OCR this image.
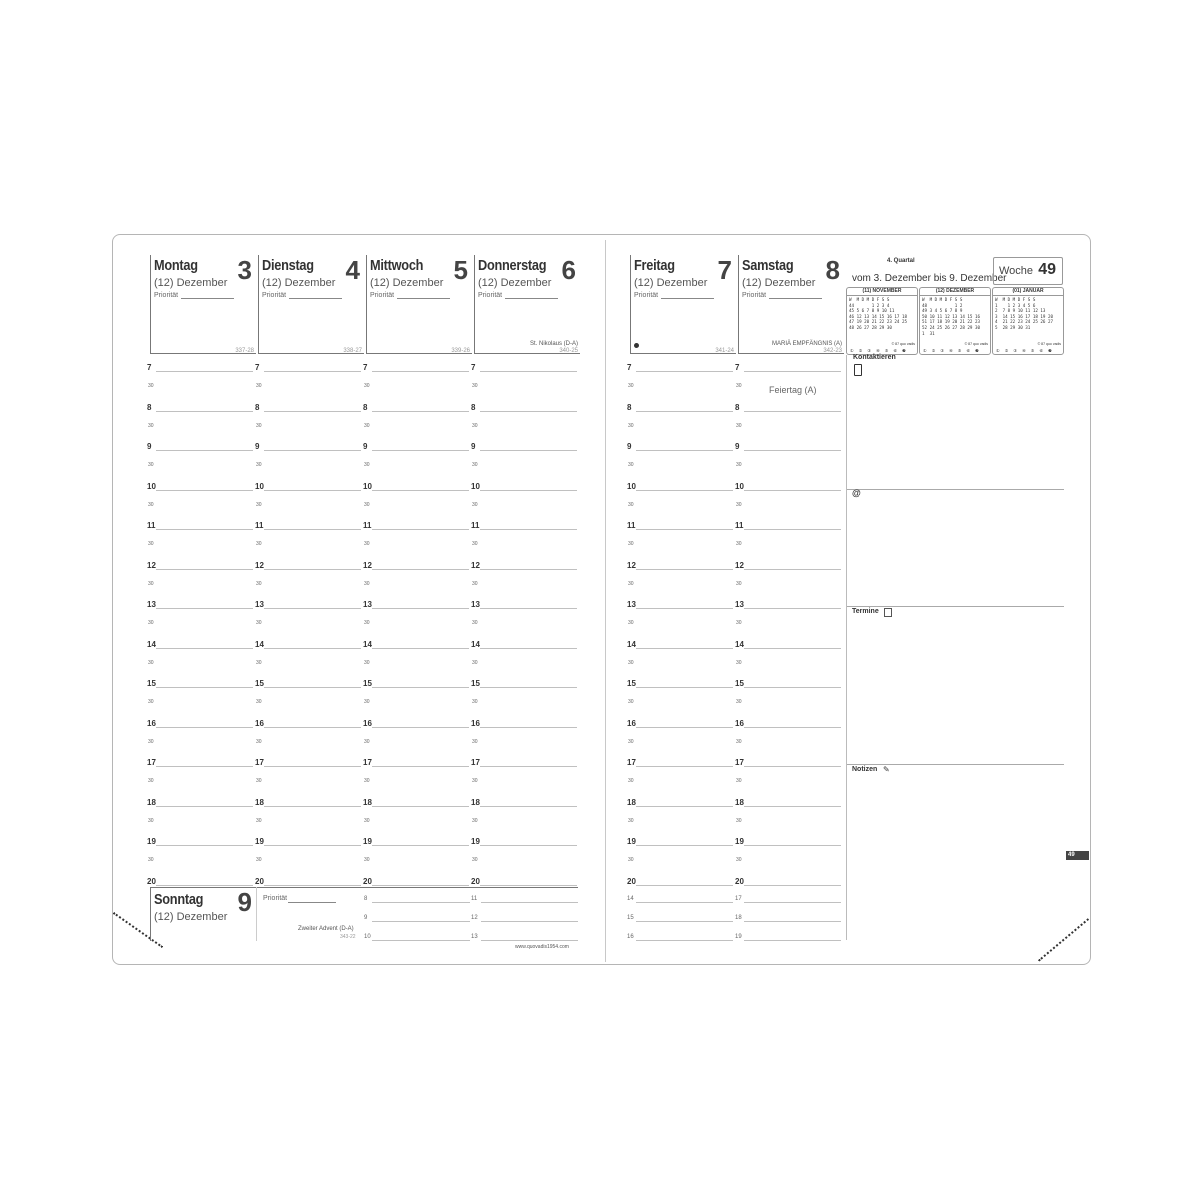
4. Quartal
vom 3. Dezember bis 9. Dezember
Woche 49
(11) NOVEMBER
W  M D M D F S S
44       1 2 3 4
45 5 6 7 8 9 10 11
46 12 13 14 15 16 17 18
47 19 20 21 22 23 24 25
48 26 27 28 29 30
© 87 quo vadis
① ② ③ ④ ⑤ ⑥ ❼
(12) DEZEMBER
W  M D M D F S S
48           1 2
49 3 4 5 6 7 8 9
50 10 11 12 13 14 15 16
51 17 18 19 20 21 22 23
52 24 25 26 27 28 29 30
1  31
© 87 quo vadis
① ② ③ ④ ⑤ ⑥ ❼
(01) JANUAR
W  M D M D F S S
1    1 2 3 4 5 6
2  7 8 9 10 11 12 13
3  14 15 16 17 18 19 20
4  21 22 23 24 25 26 27
5  28 29 30 31
© 87 quo vadis
① ② ③ ④ ⑤ ⑥ ❼
Kontaktieren
@
Termine
Notizen ✎
49
www.quovadis1954.com
Montag 3
(12) Dezember
Priorität
337-28
7
30
8
30
9
30
10
30
11
30
12
30
13
30
14
30
15
30
16
30
17
30
18
30
19
30
20
Dienstag 4
(12) Dezember
Priorität
338-27
7
30
8
30
9
30
10
30
11
30
12
30
13
30
14
30
15
30
16
30
17
30
18
30
19
30
20
Mittwoch 5
(12) Dezember
Priorität
339-26
7
30
8
30
9
30
10
30
11
30
12
30
13
30
14
30
15
30
16
30
17
30
18
30
19
30
20
Donnerstag 6
(12) Dezember
Priorität
340-25
St. Nikolaus (D-A)
7
30
8
30
9
30
10
30
11
30
12
30
13
30
14
30
15
30
16
30
17
30
18
30
19
30
20
Freitag 7
(12) Dezember
Priorität
341-24
7
30
8
30
9
30
10
30
11
30
12
30
13
30
14
30
15
30
16
30
17
30
18
30
19
30
20
Samstag 8
(12) Dezember
Priorität
342-23
MARIÄ EMPFÄNGNIS (A)
7
30
8
30
9
30
10
30
11
30
12
30
13
30
14
30
15
30
16
30
17
30
18
30
19
30
20
Feiertag (A)
14
15
16
17
18
19
Sonntag 9
(12) Dezember
Priorität
Zweiter Advent (D-A)
343-22
8
9
10
11
12
13
